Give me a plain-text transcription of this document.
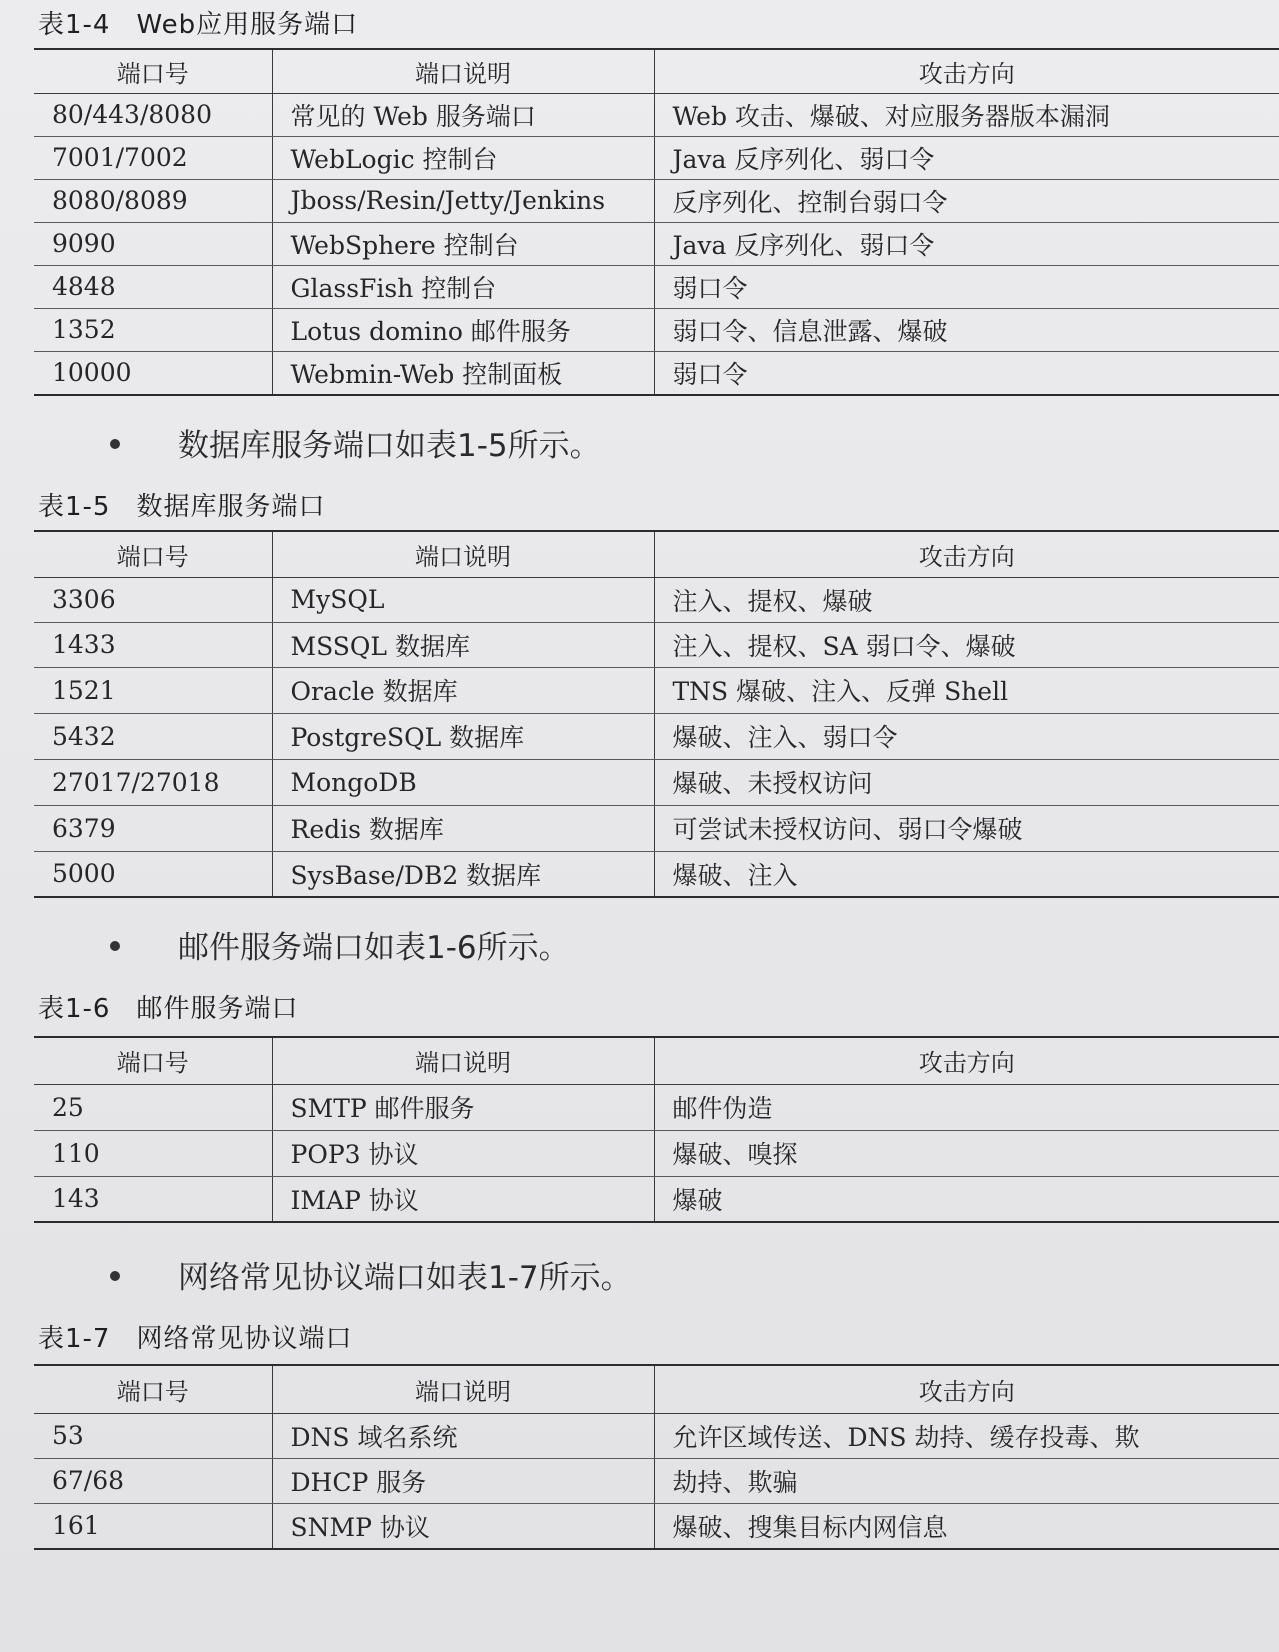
表1-4 Web应用服务端口
端口号	端口说明	攻击方向
80/443/8080	常见的 Web 服务端口	Web 攻击、爆破、对应服务器版本漏洞
7001/7002	WebLogic 控制台	Java 反序列化、弱口令
8080/8089	Jboss/Resin/Jetty/Jenkins	反序列化、控制台弱口令
9090	WebSphere 控制台	Java 反序列化、弱口令
4848	GlassFish 控制台	弱口令
1352	Lotus domino 邮件服务	弱口令、信息泄露、爆破
10000	Webmin-Web 控制面板	弱口令
数据库服务端口如表1-5所示。
表1-5 数据库服务端口
端口号	端口说明	攻击方向
3306	MySQL	注入、提权、爆破
1433	MSSQL 数据库	注入、提权、SA 弱口令、爆破
1521	Oracle 数据库	TNS 爆破、注入、反弹 Shell
5432	PostgreSQL 数据库	爆破、注入、弱口令
27017/27018	MongoDB	爆破、未授权访问
6379	Redis 数据库	可尝试未授权访问、弱口令爆破
5000	SysBase/DB2 数据库	爆破、注入
邮件服务端口如表1-6所示。
表1-6 邮件服务端口
端口号	端口说明	攻击方向
25	SMTP 邮件服务	邮件伪造
110	POP3 协议	爆破、嗅探
143	IMAP 协议	爆破
网络常见协议端口如表1-7所示。
表1-7 网络常见协议端口
端口号	端口说明	攻击方向
53	DNS 域名系统	允许区域传送、DNS 劫持、缓存投毒、欺
67/68	DHCP 服务	劫持、欺骗
161	SNMP 协议	爆破、搜集目标内网信息
